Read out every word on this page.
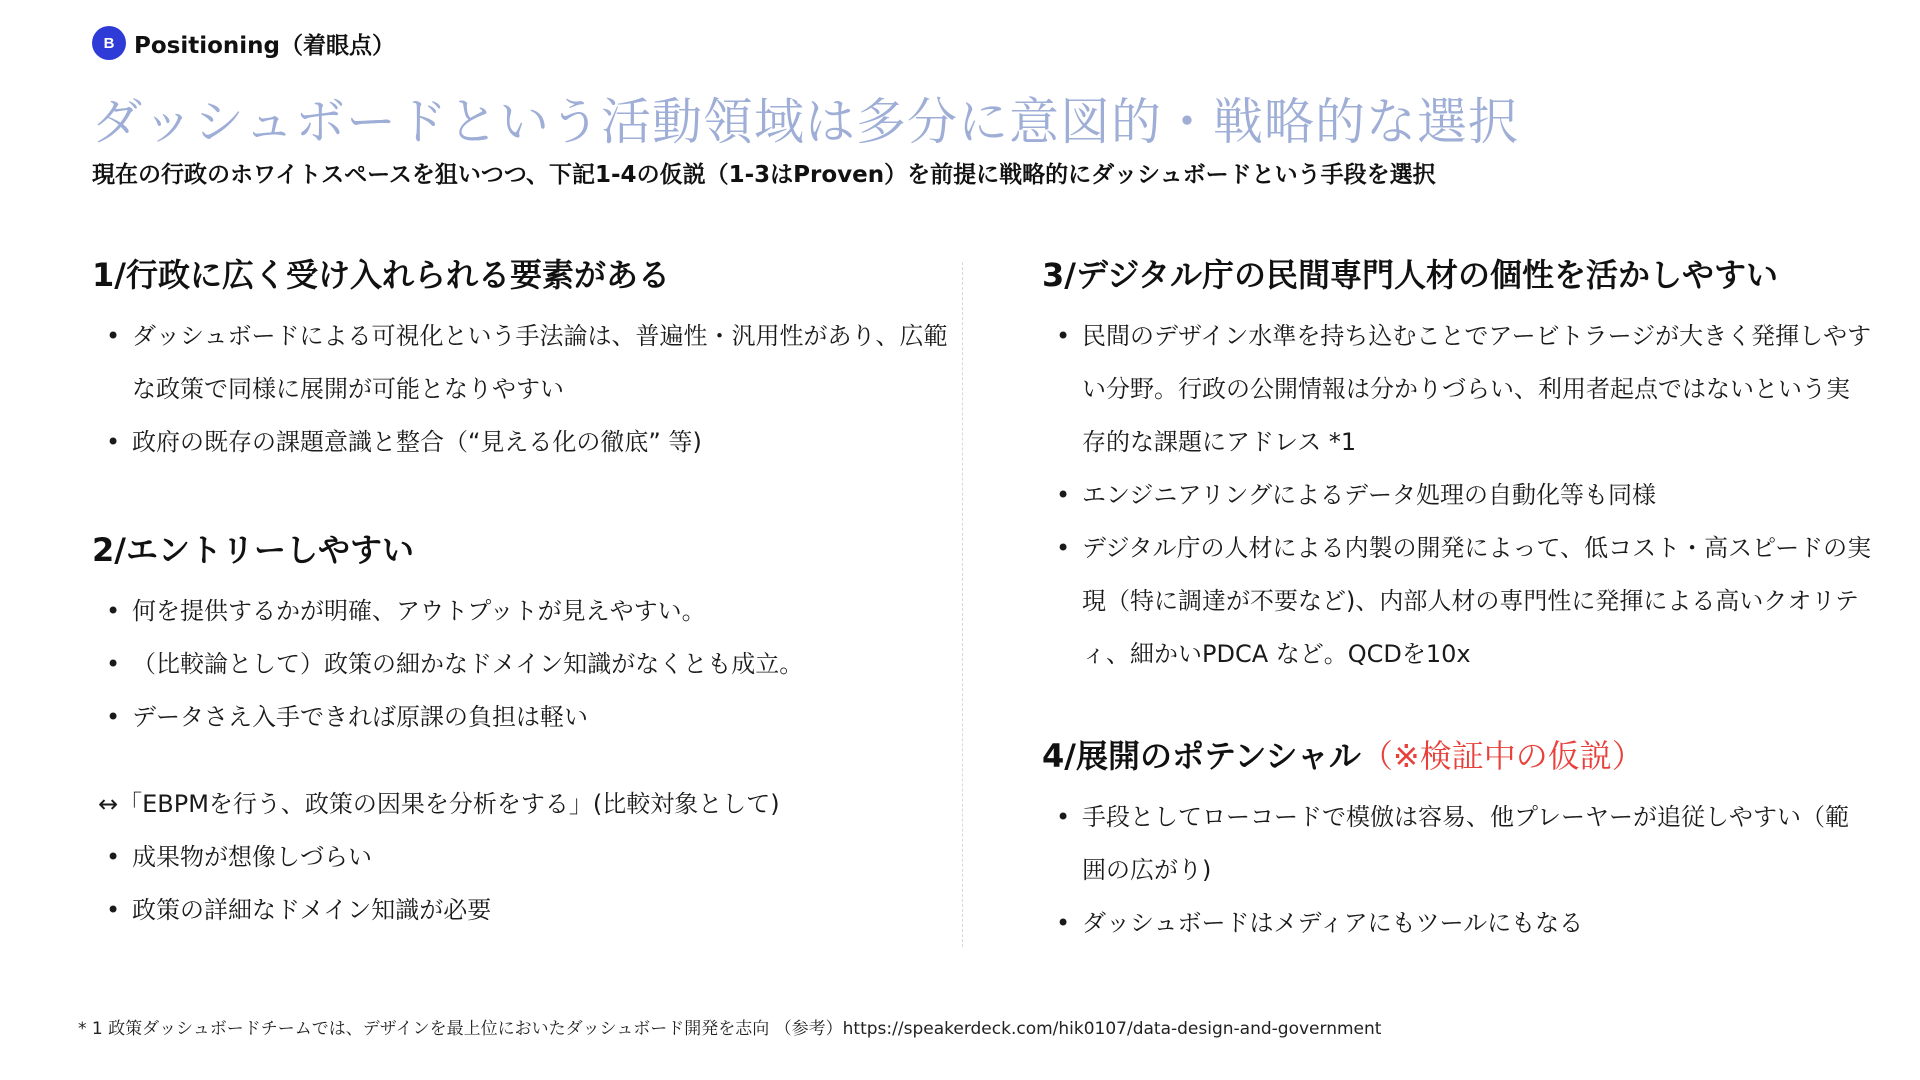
B Positioning（着眼点）
ダッシュボードという活動領域は多分に意図的・戦略的な選択
現在の行政のホワイトスペースを狙いつつ、下記1-4の仮説（1-3はProven）を前提に戦略的にダッシュボードという手段を選択
1/行政に広く受け入れられる要素がある
• ダッシュボードによる可視化という手法論は、普遍性・汎用性があり、広範な政策で同様に展開が可能となりやすい
• 政府の既存の課題意識と整合（“見える化の徹底” 等)
2/エントリーしやすい
• 何を提供するかが明確、アウトプットが見えやすい。
• （比較論として）政策の細かなドメイン知識がなくとも成立。
• データさえ入手できれば原課の負担は軽い
↔「EBPMを行う、政策の因果を分析をする」(比較対象として)
• 成果物が想像しづらい
• 政策の詳細なドメイン知識が必要
3/デジタル庁の民間専門人材の個性を活かしやすい
• 民間のデザイン水準を持ち込むことでアービトラージが大きく発揮しやすい分野。行政の公開情報は分かりづらい、利用者起点ではないという実存的な課題にアドレス *1
• エンジニアリングによるデータ処理の自動化等も同様
• デジタル庁の人材による内製の開発によって、低コスト・高スピードの実現（特に調達が不要など)、内部人材の専門性に発揮による高いクオリティ、細かいPDCA など。QCDを10x
4/展開のポテンシャル（※検証中の仮説）
• 手段としてローコードで模倣は容易、他プレーヤーが追従しやすい（範囲の広がり)
• ダッシュボードはメディアにもツールにもなる
* 1 政策ダッシュボードチームでは、デザインを最上位においたダッシュボード開発を志向 （参考）https://speakerdeck.com/hik0107/data-design-and-government
